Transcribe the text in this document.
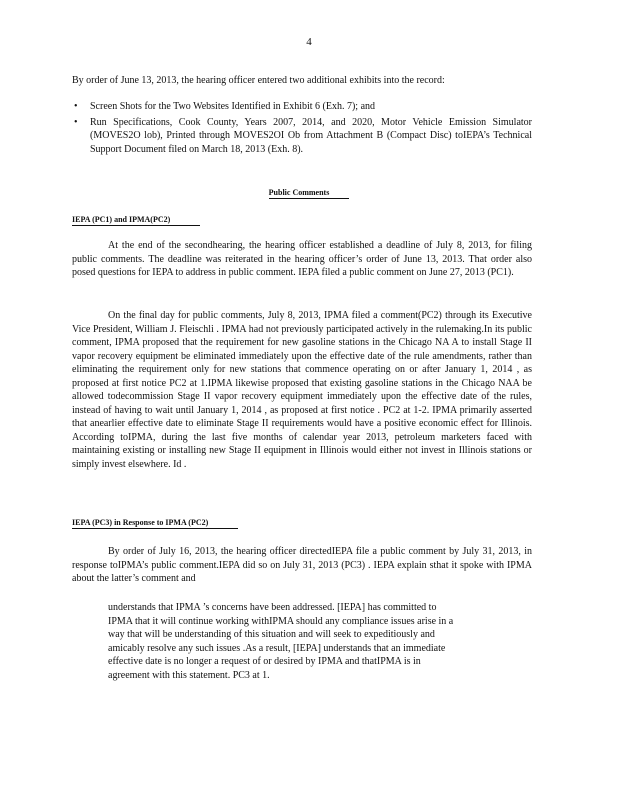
4
By order of June 13, 2013, the hearing officer entered two additional exhibits into the record:
• Screen Shots for the Two Websites Identified in Exhibit 6 (Exh. 7); and
• Run Specifications, Cook County, Years 2007, 2014, and 2020, Motor Vehicle Emission Simulator (MOVES2O lob), Printed through MOVES2OI Ob from Attachment B (Compact Disc) toIEPA’s Technical Support Document filed on March 18, 2013 (Exh. 8).
Public Comments
IEPA (PC1) and IPMA(PC2)
At the end of the secondhearing, the hearing officer established a deadline of July 8, 2013, for filing public comments. The deadline was reiterated in the hearing officer’s order of June 13, 2013. That order also posed questions for IEPA to address in public comment. IEPA filed a public comment on June 27, 2013 (PC1).
On the final day for public comments, July 8, 2013, IPMA filed a comment(PC2) through its Executive Vice President, William J. Fleischli . IPMA had not previously participated actively in the rulemaking.In its public comment, IPMA proposed that the requirement for new gasoline stations in the Chicago NA A to install Stage II vapor recovery equipment be eliminated immediately upon the effective date of the rule amendments, rather than eliminating the requirement only for new stations that commence operating on or after January 1, 2014 , as proposed at first notice PC2 at 1.IPMA likewise proposed that existing gasoline stations in the Chicago NAA be allowed todecommission Stage II vapor recovery equipment immediately upon the effective date of the rules, instead of having to wait until January 1, 2014 , as proposed at first notice . PC2 at 1-2. IPMA primarily asserted that anearlier effective date to eliminate Stage II requirements would have a positive economic effect for Illinois. According toIPMA, during the last five months of calendar year 2013, petroleum marketers faced with maintaining existing or installing new Stage II equipment in Illinois would either not invest in Illinois stations or simply invest elsewhere. Id .
IEPA (PC3) in Response to IPMA (PC2)
By order of July 16, 2013, the hearing officer directedIEPA file a public comment by July 31, 2013, in response toIPMA’s public comment.IEPA did so on July 31, 2013 (PC3) . IEPA explain sthat it spoke with IPMA about the latter’s comment and
understands that IPMA ’s concerns have been addressed. [IEPA] has committed to IPMA that it will continue working withIPMA should any compliance issues arise in a way that will be understanding of this situation and will seek to expeditiously and amicably resolve any such issues .As a result, [IEPA] understands that an immediate effective date is no longer a request of or desired by IPMA and thatIPMA is in agreement with this statement. PC3 at 1.
